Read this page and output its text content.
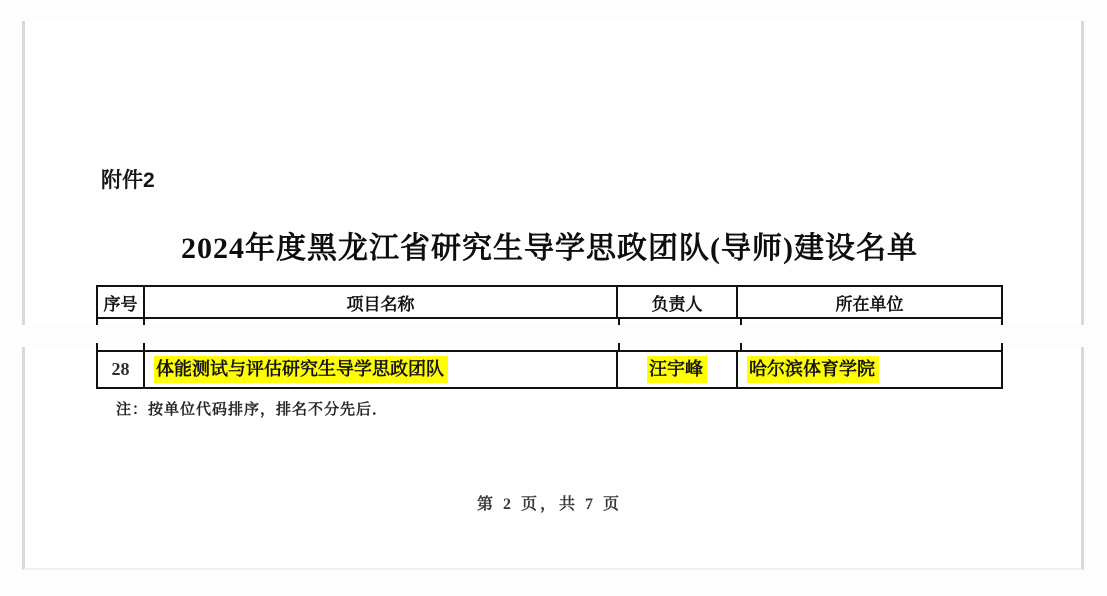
附件2
2024年度黑龙江省研究生导学思政团队(导师)建设名单
序号	项目名称	负责人	所在单位
28	体能测试与评估研究生导学思政团队	汪宇峰	哈尔滨体育学院
注：按单位代码排序，排名不分先后．
第 2 页，共 7 页
